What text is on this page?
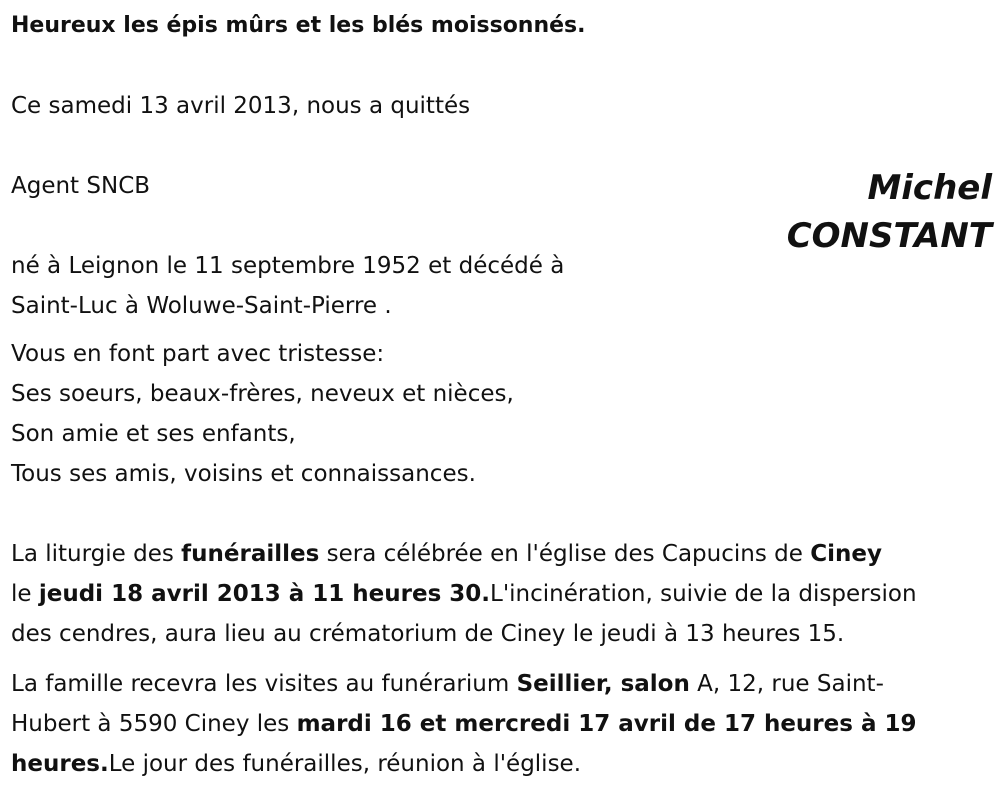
Heureux les épis mûrs et les blés moissonnés.
Ce samedi 13 avril 2013, nous a quittés
Agent SNCB	Michel
CONSTANT
né à Leignon le 11 septembre 1952 et décédé à
Saint-Luc à Woluwe-Saint-Pierre .
Vous en font part avec tristesse:
Ses soeurs, beaux-frères, neveux et nièces,
Son amie et ses enfants,
Tous ses amis, voisins et connaissances.
La liturgie des funérailles sera célébrée en l'église des Capucins de Ciney
le jeudi 18 avril 2013 à 11 heures 30.L'incinération, suivie de la dispersion
des cendres, aura lieu au crématorium de Ciney le jeudi à 13 heures 15.
La famille recevra les visites au funérarium Seillier, salon A, 12, rue Saint-
Hubert à 5590 Ciney les mardi 16 et mercredi 17 avril de 17 heures à 19
heures.Le jour des funérailles, réunion à l'église.
